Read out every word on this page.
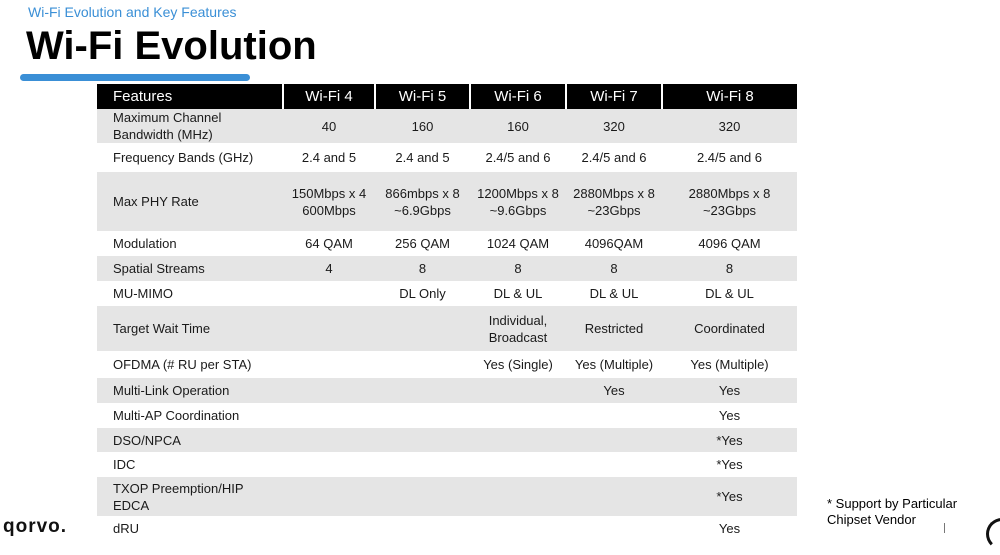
Wi-Fi Evolution and Key Features
Wi-Fi Evolution
Features	Wi-Fi 4	Wi-Fi 5	Wi-Fi 6	Wi-Fi 7	Wi-Fi 8
Maximum Channel Bandwidth (MHz)	40	160	160	320	320
Frequency Bands (GHz)	2.4 and 5	2.4 and 5	2.4/5 and 6	2.4/5 and 6	2.4/5 and 6
Max PHY Rate	150Mbps x 4 600Mbps	866mbps x 8 ~6.9Gbps	1200Mbps x 8 ~9.6Gbps	2880Mbps x 8 ~23Gbps	2880Mbps x 8 ~23Gbps
Modulation	64 QAM	256 QAM	1024 QAM	4096QAM	4096 QAM
Spatial Streams	4	8	8	8	8
MU-MIMO		DL Only	DL & UL	DL & UL	DL & UL
Target Wait Time			Individual, Broadcast	Restricted	Coordinated
OFDMA (# RU per STA)			Yes (Single)	Yes (Multiple)	Yes (Multiple)
Multi-Link Operation				Yes	Yes
Multi-AP Coordination					Yes
DSO/NPCA					*Yes
IDC					*Yes
TXOP Preemption/HIP EDCA					*Yes
dRU					Yes
* Support by Particular Chipset Vendor
qorvo.
